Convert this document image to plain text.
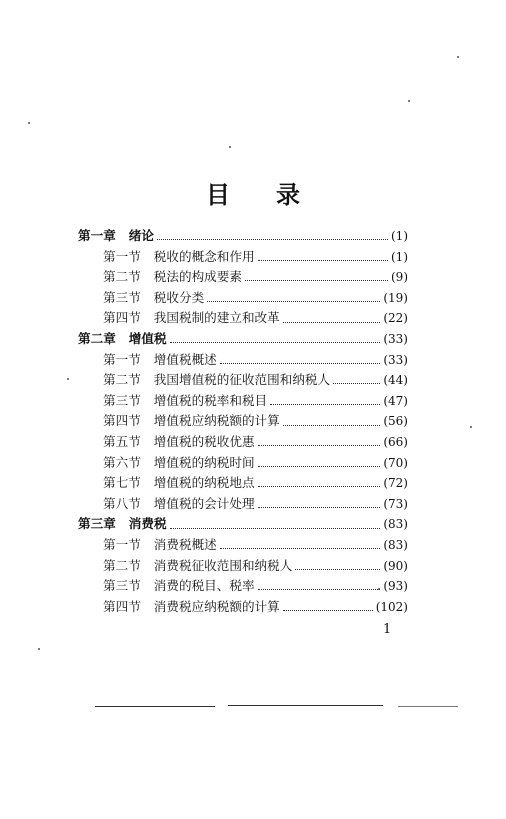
目 录
第一章 绪论	(1)
第一节 税收的概念和作用	(1)
第二节 税法的构成要素	(9)
第三节 税收分类	(19)
第四节 我国税制的建立和改革	(22)
第二章 增值税	(33)
第一节 增值税概述	(33)
第二节 我国增值税的征收范围和纳税人	(44)
第三节 增值税的税率和税目	(47)
第四节 增值税应纳税额的计算	(56)
第五节 增值税的税收优惠	(66)
第六节 增值税的纳税时间	(70)
第七节 增值税的纳税地点	(72)
第八节 增值税的会计处理	(73)
第三章 消费税	(83)
第一节 消费税概述	(83)
第二节 消费税征收范围和纳税人	(90)
第三节 消费的税目、税率	(93)
第四节 消费税应纳税额的计算	(102)
1
